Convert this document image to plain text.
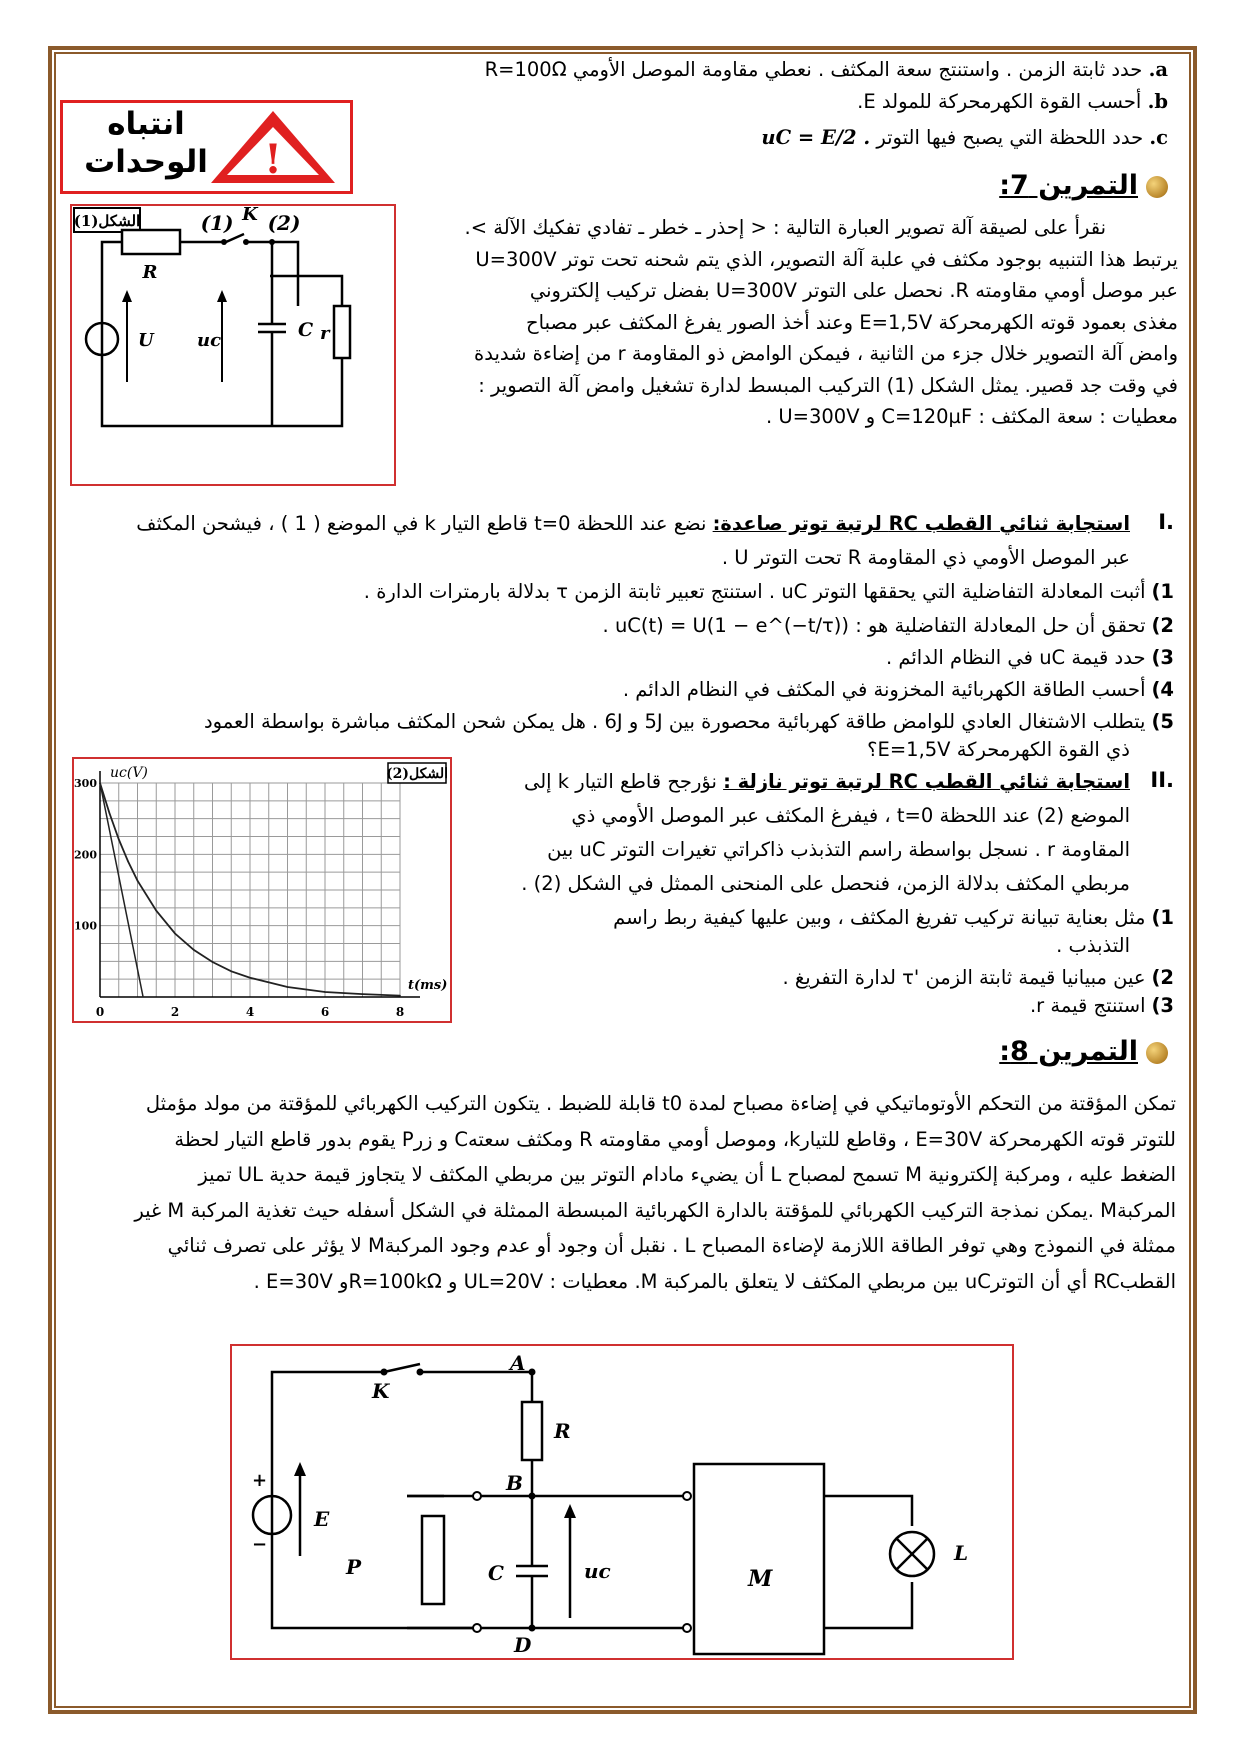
a. حدد ثابتة الزمن . واستنتج سعة المكثف . نعطي مقاومة الموصل الأومي R=100Ω
b. أحسب القوة الكهرمحركة للمولد E.
c. حدد اللحظة التي يصبح فيها التوتر uC = E/2 .
!
انتباه
الوحدات
التمرين 7:
الشكل(1)	(1) K (2)
R
U uc	C r
نقرأ على لصيقة آلة تصوير العبارة التالية : < إحذر ـ خطر ـ تفادي تفكيك الآلة >.
يرتبط هذا التنبيه بوجود مكثف في علبة آلة التصوير، الذي يتم شحنه تحت توتر U=300V
عبر موصل أومي مقاومته R. نحصل على التوتر U=300V بفضل تركيب إلكتروني
مغذى بعمود قوته الكهرمحركة E=1,5V وعند أخذ الصور يفرغ المكثف عبر مصباح
وامض آلة التصوير خلال جزء من الثانية ، فيمكن الوامض ذو المقاومة r من إضاءة شديدة
في وقت جد قصير. يمثل الشكل (1) التركيب المبسط لدارة تشغيل وامض آلة التصوير :
معطيات : سعة المكثف : C=120µF و U=300V .
I.
استجابة ثنائي القطب RC لرتبة توتر صاعدة: نضع عند اللحظة t=0 قاطع التيار k في الموضع ( 1 ) ، فيشحن المكثف
عبر الموصل الأومي ذي المقاومة R تحت التوتر U .
1)أثبت المعادلة التفاضلية التي يحققها التوتر uC . استنتج تعبير ثابتة الزمن τ بدلالة بارمترات الدارة .
2)تحقق أن حل المعادلة التفاضلية هو : uC(t) = U(1 − e^(−t/τ)) .
3)حدد قيمة uC في النظام الدائم .
4)أحسب الطاقة الكهربائية المخزونة في المكثف في النظام الدائم .
5)يتطلب الاشتغال العادي للوامض طاقة كهربائية محصورة بين 5J و 6J . هل يمكن شحن المكثف مباشرة بواسطة العمود
ذي القوة الكهرمحركة E=1,5V؟
0	2	4	6	8
100
200
300
الشكل(2)
uc(V)
t(ms)
II.
استجابة ثنائي القطب RC لرتبة توتر نازلة : نؤرجح قاطع التيار k إلى
الموضع (2) عند اللحظة t=0 ، فيفرغ المكثف عبر الموصل الأومي ذي
المقاومة r . نسجل بواسطة راسم التذبذب ذاكراتي تغيرات التوتر uC بين
مربطي المكثف بدلالة الزمن، فنحصل على المنحنى الممثل في الشكل (2) .
1)مثل بعناية تبيانة تركيب تفريغ المكثف ، وبين عليها كيفية ربط راسم
التذبذب .
2)عين مبيانيا قيمة ثابتة الزمن 'τ لدارة التفريغ .
3)استنتج قيمة r.
التمرين 8:
تمكن المؤقتة من التحكم الأوتوماتيكي في إضاءة مصباح لمدة t0 قابلة للضبط . يتكون التركيب الكهربائي للمؤقتة من مولد مؤمثل
للتوتر قوته الكهرمحركة E=30V ، وقاطع للتيارk، وموصل أومي مقاومته R ومكثف سعتهC و زرP يقوم بدور قاطع التيار لحظة
الضغط عليه ، ومركبة إلكترونية M تسمح لمصباح L أن يضيء مادام التوتر بين مربطي المكثف لا يتجاوز قيمة حدية UL تميز
المركبةM .يمكن نمذجة التركيب الكهربائي للمؤقتة بالدارة الكهربائية المبسطة الممثلة في الشكل أسفله حيث تغذية المركبة M غير
ممثلة في النموذج وهي توفر الطاقة اللازمة لإضاءة المصباح L . نقبل أن وجود أو عدم وجود المركبةM لا يؤثر على تصرف ثنائي
القطبRC أي أن التوترuC بين مربطي المكثف لا يتعلق بالمركبة M. معطيات : UL=20V و R=100kΩو E=30V .
A
K
R
B
E
P	C	uc	M
L
D
+
−
